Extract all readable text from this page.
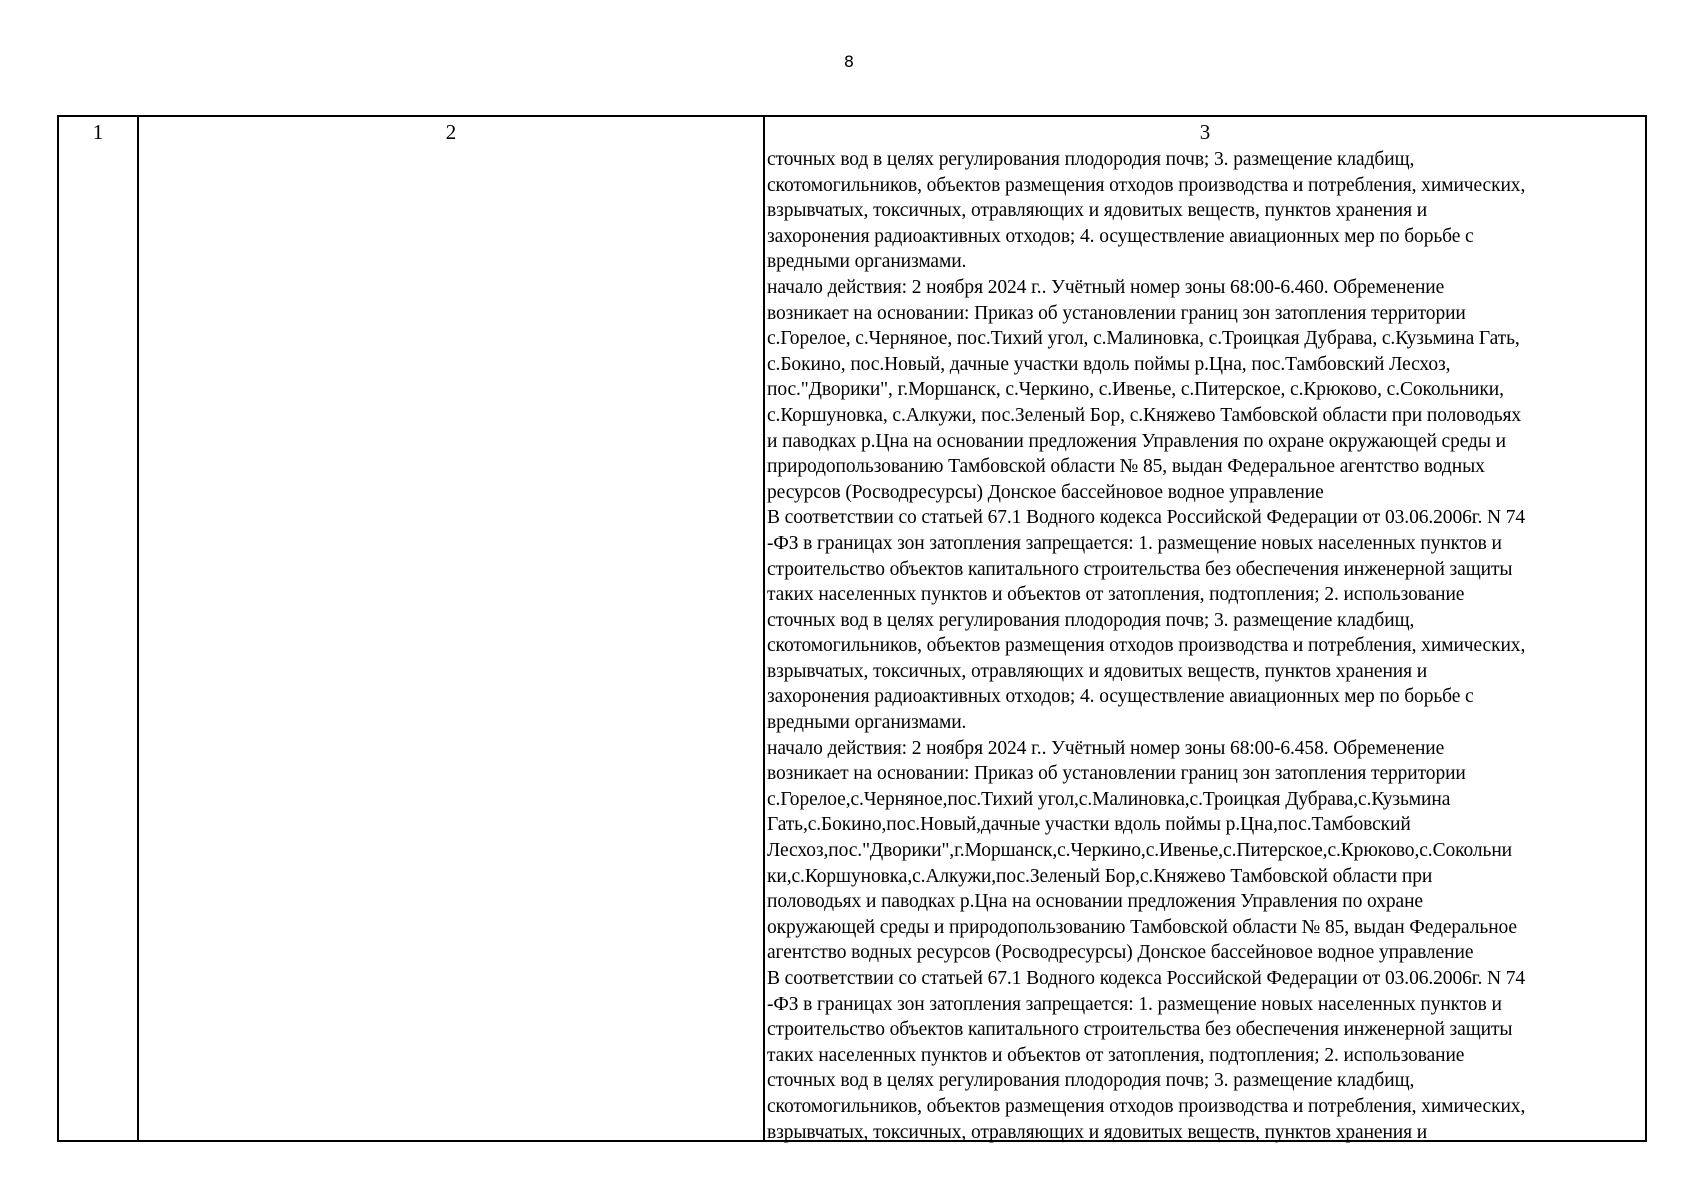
8
1	2	3
сточных вод в целях регулирования плодородия почв; 3. размещение кладбищ,
скотомогильников, объектов размещения отходов производства и потребления, химических,
взрывчатых, токсичных, отравляющих и ядовитых веществ, пунктов хранения и
захоронения радиоактивных отходов; 4. осуществление авиационных мер по борьбе с
вредными организмами.
начало действия: 2 ноября 2024 г.. Учётный номер зоны 68:00-6.460. Обременение
возникает на основании: Приказ об установлении границ зон затопления территории
с.Горелое, с.Черняное, пос.Тихий угол, с.Малиновка, с.Троицкая Дубрава, с.Кузьмина Гать,
с.Бокино, пос.Новый, дачные участки вдоль поймы р.Цна, пос.Тамбовский Лесхоз,
пос."Дворики", г.Моршанск, с.Черкино, с.Ивенье, с.Питерское, с.Крюково, с.Сокольники,
с.Коршуновка, с.Алкужи, пос.Зеленый Бор, с.Княжево Тамбовской области при половодьях
и паводках р.Цна на основании предложения Управления по охране окружающей среды и
природопользованию Тамбовской области № 85, выдан Федеральное агентство водных
ресурсов (Росводресурсы) Донское бассейновое водное управление
В соответствии со статьей 67.1 Водного кодекса Российской Федерации от 03.06.2006г. N 74
-ФЗ в границах зон затопления запрещается: 1. размещение новых населенных пунктов и
строительство объектов капитального строительства без обеспечения инженерной защиты
таких населенных пунктов и объектов от затопления, подтопления; 2. использование
сточных вод в целях регулирования плодородия почв; 3. размещение кладбищ,
скотомогильников, объектов размещения отходов производства и потребления, химических,
взрывчатых, токсичных, отравляющих и ядовитых веществ, пунктов хранения и
захоронения радиоактивных отходов; 4. осуществление авиационных мер по борьбе с
вредными организмами.
начало действия: 2 ноября 2024 г.. Учётный номер зоны 68:00-6.458. Обременение
возникает на основании: Приказ об установлении границ зон затопления территории
с.Горелое,с.Черняное,пос.Тихий угол,с.Малиновка,с.Троицкая Дубрава,с.Кузьмина
Гать,с.Бокино,пос.Новый,дачные участки вдоль поймы р.Цна,пос.Тамбовский
Лесхоз,пос."Дворики",г.Моршанск,с.Черкино,с.Ивенье,с.Питерское,с.Крюково,с.Сокольни
ки,с.Коршуновка,с.Алкужи,пос.Зеленый Бор,с.Княжево Тамбовской области при
половодьях и паводках р.Цна на основании предложения Управления по охране
окружающей среды и природопользованию Тамбовской области № 85, выдан Федеральное
агентство водных ресурсов (Росводресурсы) Донское бассейновое водное управление
В соответствии со статьей 67.1 Водного кодекса Российской Федерации от 03.06.2006г. N 74
-ФЗ в границах зон затопления запрещается: 1. размещение новых населенных пунктов и
строительство объектов капитального строительства без обеспечения инженерной защиты
таких населенных пунктов и объектов от затопления, подтопления; 2. использование
сточных вод в целях регулирования плодородия почв; 3. размещение кладбищ,
скотомогильников, объектов размещения отходов производства и потребления, химических,
взрывчатых, токсичных, отравляющих и ядовитых веществ, пунктов хранения и
